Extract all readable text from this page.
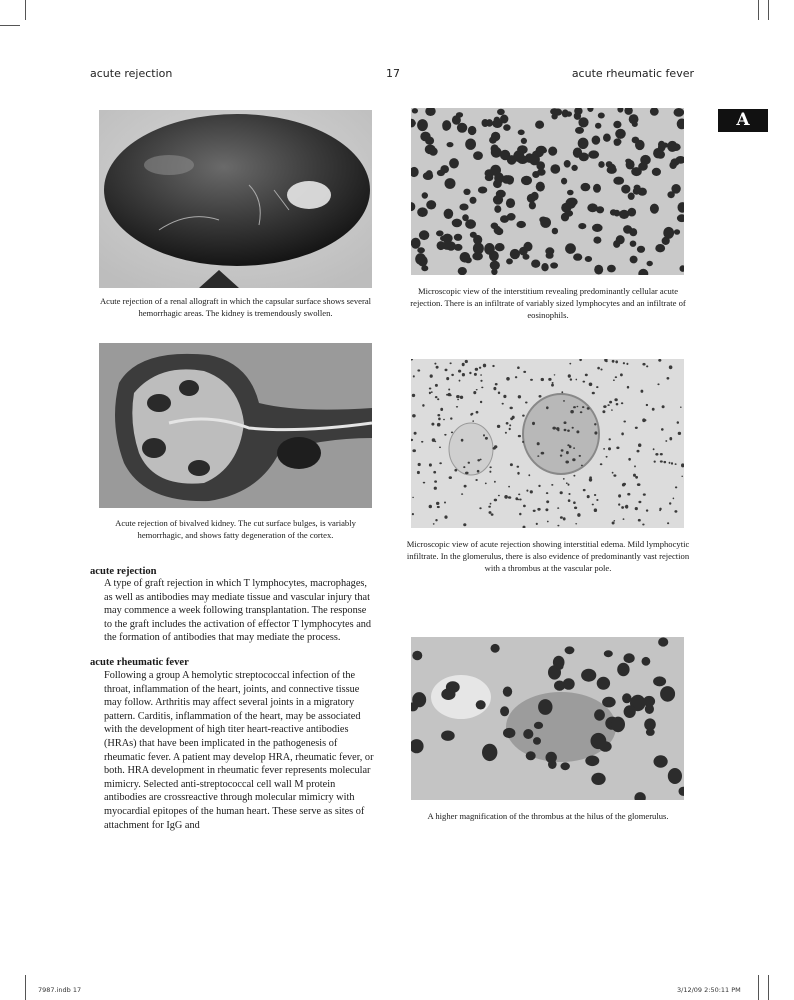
acute rejection	17	acute rheumatic fever
A
Acute rejection of a renal allograft in which the capsular surface shows several hemorrhagic areas. The kidney is tremendously swollen.
Acute rejection of bivalved kidney. The cut surface bulges, is variably hemorrhagic, and shows fatty degeneration of the cortex.
Microscopic view of the interstitium revealing predominantly cellular acute rejection. There is an infiltrate of variably sized lymphocytes and an infiltrate of eosinophils.
Microscopic view of acute rejection showing interstitial edema. Mild lymphocytic infiltrate. In the glomerulus, there is also evidence of predominantly vast rejection with a thrombus at the vascular pole.
A higher magnification of the thrombus at the hilus of the glomerulus.
acute rejection
A type of graft rejection in which T lymphocytes, macrophages, as well as antibodies may mediate tissue and vascular injury that may commence a week following transplantation. The response to the graft includes the activation of effector T lymphocytes and the formation of antibodies that may mediate the process.
acute rheumatic fever
Following a group A hemolytic streptococcal infection of the throat, inflammation of the heart, joints, and connective tissue may follow. Arthritis may affect several joints in a migratory pattern. Carditis, inflammation of the heart, may be associated with the development of high titer heart-reactive antibodies (HRAs) that have been implicated in the pathogenesis of rheumatic fever. A patient may develop HRA, rheumatic fever, or both. HRA development in rheumatic fever represents molecular mimicry. Selected anti-streptococcal cell wall M protein antibodies are crossreactive through molecular mimicry with myocardial epitopes of the human heart. These serve as sites of attachment for IgG and
7987.indb 17	3/12/09 2:50:11 PM
